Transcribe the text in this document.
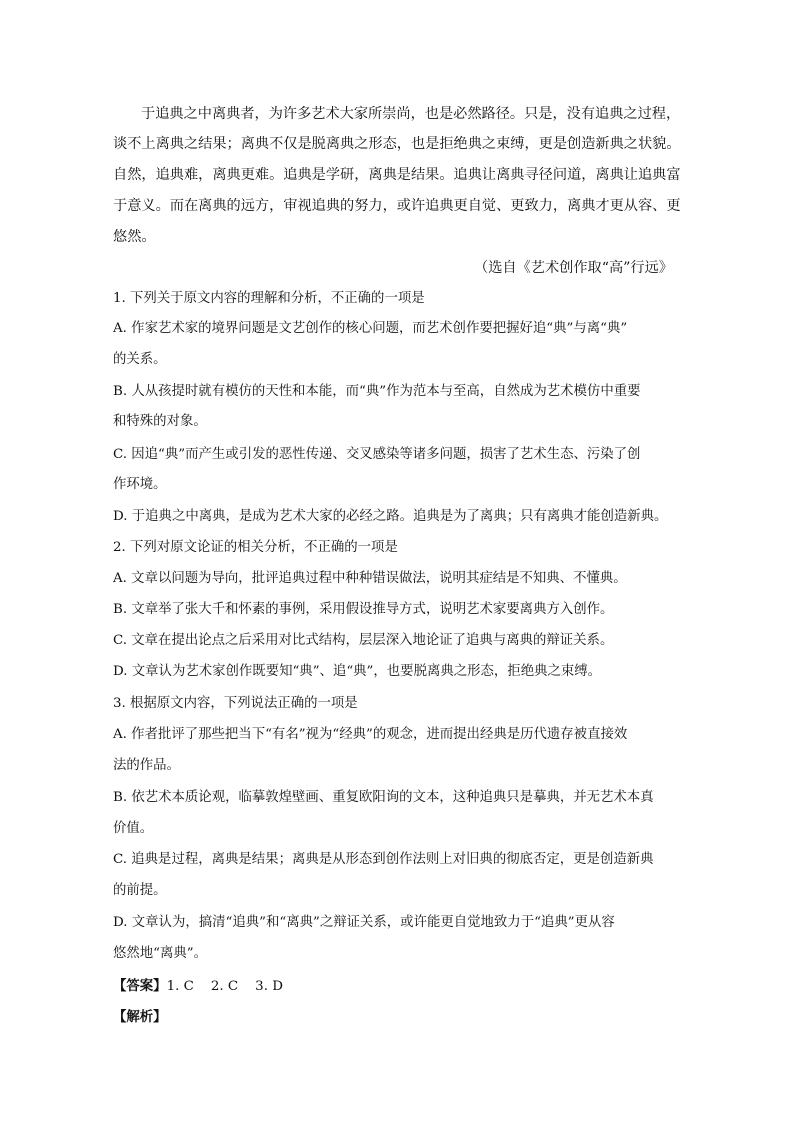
于追典之中离典者，为许多艺术大家所崇尚，也是必然路径。只是，没有追典之过程，
谈不上离典之结果；离典不仅是脱离典之形态，也是拒绝典之束缚，更是创造新典之状貌。
自然，追典难，离典更难。追典是学研，离典是结果。追典让离典寻径问道，离典让追典富
于意义。而在离典的远方，审视追典的努力，或许追典更自觉、更致力，离典才更从容、更
悠然。
（选自《艺术创作取“高”行远》
1. 下列关于原文内容的理解和分析，不正确的一项是
A. 作家艺术家的境界问题是文艺创作的核心问题，而艺术创作要把握好追“典”与离“典”
的关系。
B. 人从孩提时就有模仿的天性和本能，而“典”作为范本与至高，自然成为艺术模仿中重要
和特殊的对象。
C. 因追“典”而产生或引发的恶性传递、交叉感染等诸多问题，损害了艺术生态、污染了创
作环境。
D. 于追典之中离典，是成为艺术大家的必经之路。追典是为了离典；只有离典才能创造新典。
2. 下列对原文论证的相关分析，不正确的一项是
A. 文章以问题为导向，批评追典过程中种种错误做法，说明其症结是不知典、不懂典。
B. 文章举了张大千和怀素的事例，采用假设推导方式，说明艺术家要离典方入创作。
C. 文章在提出论点之后采用对比式结构，层层深入地论证了追典与离典的辩证关系。
D. 文章认为艺术家创作既要知“典”、追“典”，也要脱离典之形态，拒绝典之束缚。
3. 根据原文内容，下列说法正确的一项是
A. 作者批评了那些把当下“有名”视为“经典”的观念，进而提出经典是历代遗存被直接效
法的作品。
B. 依艺术本质论观，临摹敦煌壁画、重复欧阳询的文本，这种追典只是摹典，并无艺术本真
价值。
C. 追典是过程，离典是结果；离典是从形态到创作法则上对旧典的彻底否定，更是创造新典
的前提。
D. 文章认为，搞清“追典”和“离典”之辩证关系，或许能更自觉地致力于“追典”更从容
悠然地“离典”。
【答案】1. C    2. C    3. D
【解析】
